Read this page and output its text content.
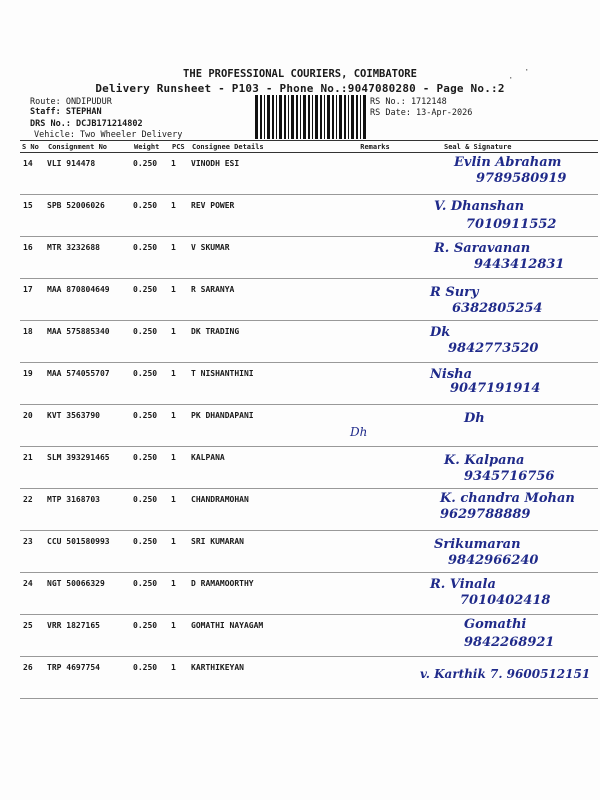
THE PROFESSIONAL COURIERS, COIMBATORE
Delivery Runsheet - P103 - Phone No.:9047080280 - Page No.:2
Route: ONDIPUDUR
Staff: STEPHAN
DRS No.: DCJB171214802
Vehicle: Two Wheeler Delivery
RS No.: 1712148
RS Date: 13-Apr-2026
S No	Consignment No	Weight	PCS	Consignee Details	Remarks	Seal & Signature
14	VLI 914478	0.250	1	VINODH ESI		Evlin Abraham
9789580919

15	SPB 52006026	0.250	1	REV POWER		V. Dhanshan
7010911552

16	MTR 3232688	0.250	1	V SKUMAR		R. Saravanan
9443412831

17	MAA 870804649	0.250	1	R SARANYA		R Sury
6382805254

18	MAA 575885340	0.250	1	DK TRADING		Dk
9842773520

19	MAA 574055707	0.250	1	T NISHANTHINI		Nisha
9047191914

20	KVT 3563790	0.250	1	PK DHANDAPANI		Dh

21	SLM 393291465	0.250	1	KALPANA		K. Kalpana
9345716756

22	MTP 3168703	0.250	1	CHANDRAMOHAN		K. chandra Mohan
9629788889

23	CCU 501580993	0.250	1	SRI KUMARAN		Srikumaran
9842966240

24	NGT 50066329	0.250	1	D RAMAMOORTHY		R. Vinala
7010402418

25	VRR 1827165	0.250	1	GOMATHI NAYAGAM		Gomathi
9842268921

26	TRP 4697754	0.250	1	KARTHIKEYAN		v. Karthik 7. 9600512151
Dh
·
·
